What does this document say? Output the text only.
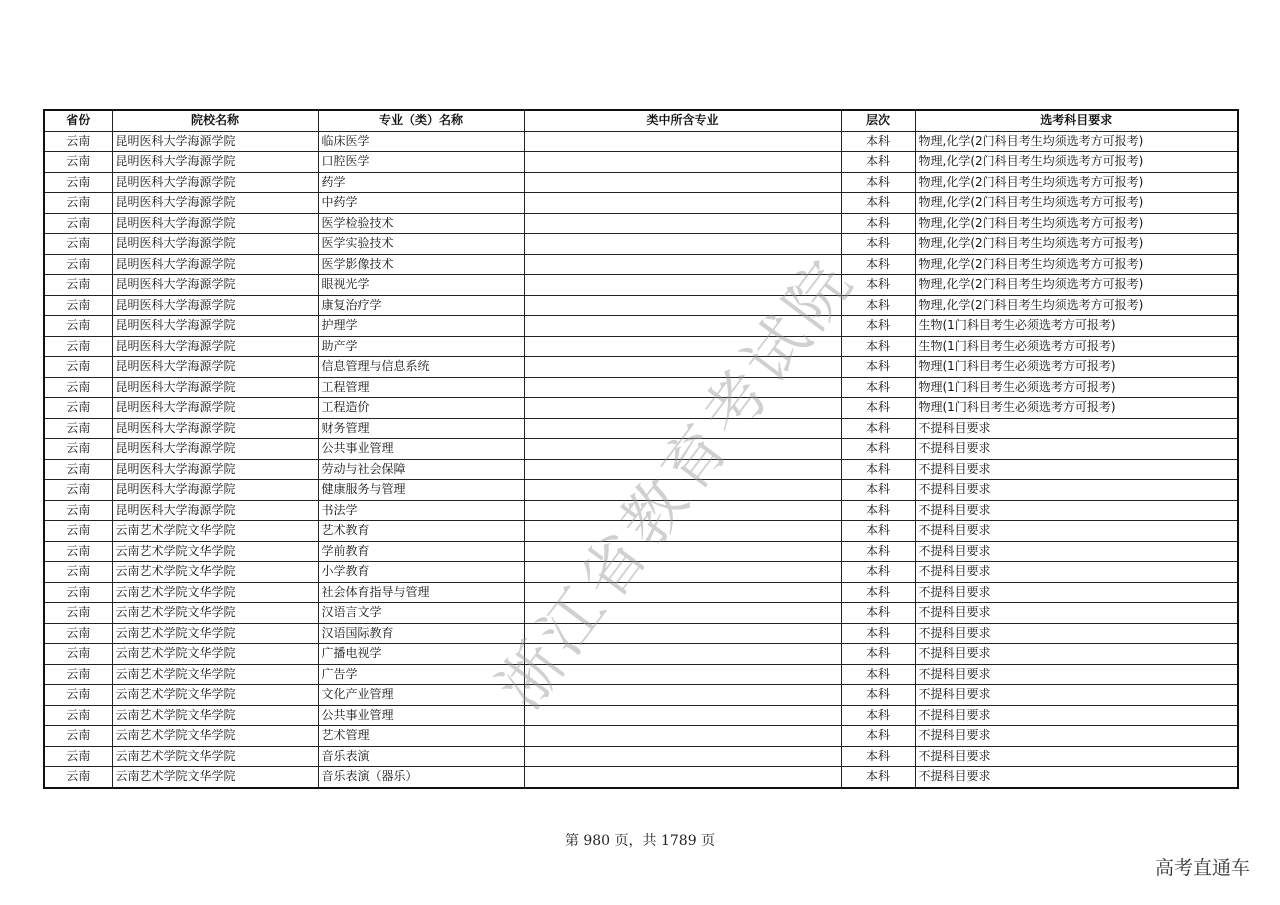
省份	院校名称	专业（类）名称	类中所含专业	层次	选考科目要求
云南	昆明医科大学海源学院	临床医学		本科	物理,化学(2门科目考生均须选考方可报考)
云南	昆明医科大学海源学院	口腔医学		本科	物理,化学(2门科目考生均须选考方可报考)
云南	昆明医科大学海源学院	药学		本科	物理,化学(2门科目考生均须选考方可报考)
云南	昆明医科大学海源学院	中药学		本科	物理,化学(2门科目考生均须选考方可报考)
云南	昆明医科大学海源学院	医学检验技术		本科	物理,化学(2门科目考生均须选考方可报考)
云南	昆明医科大学海源学院	医学实验技术		本科	物理,化学(2门科目考生均须选考方可报考)
云南	昆明医科大学海源学院	医学影像技术		本科	物理,化学(2门科目考生均须选考方可报考)
云南	昆明医科大学海源学院	眼视光学		本科	物理,化学(2门科目考生均须选考方可报考)
云南	昆明医科大学海源学院	康复治疗学		本科	物理,化学(2门科目考生均须选考方可报考)
云南	昆明医科大学海源学院	护理学		本科	生物(1门科目考生必须选考方可报考)
云南	昆明医科大学海源学院	助产学		本科	生物(1门科目考生必须选考方可报考)
云南	昆明医科大学海源学院	信息管理与信息系统		本科	物理(1门科目考生必须选考方可报考)
云南	昆明医科大学海源学院	工程管理		本科	物理(1门科目考生必须选考方可报考)
云南	昆明医科大学海源学院	工程造价		本科	物理(1门科目考生必须选考方可报考)
云南	昆明医科大学海源学院	财务管理		本科	不提科目要求
云南	昆明医科大学海源学院	公共事业管理		本科	不提科目要求
云南	昆明医科大学海源学院	劳动与社会保障		本科	不提科目要求
云南	昆明医科大学海源学院	健康服务与管理		本科	不提科目要求
云南	昆明医科大学海源学院	书法学		本科	不提科目要求
云南	云南艺术学院文华学院	艺术教育		本科	不提科目要求
云南	云南艺术学院文华学院	学前教育		本科	不提科目要求
云南	云南艺术学院文华学院	小学教育		本科	不提科目要求
云南	云南艺术学院文华学院	社会体育指导与管理		本科	不提科目要求
云南	云南艺术学院文华学院	汉语言文学		本科	不提科目要求
云南	云南艺术学院文华学院	汉语国际教育		本科	不提科目要求
云南	云南艺术学院文华学院	广播电视学		本科	不提科目要求
云南	云南艺术学院文华学院	广告学		本科	不提科目要求
云南	云南艺术学院文华学院	文化产业管理		本科	不提科目要求
云南	云南艺术学院文华学院	公共事业管理		本科	不提科目要求
云南	云南艺术学院文华学院	艺术管理		本科	不提科目要求
云南	云南艺术学院文华学院	音乐表演		本科	不提科目要求
云南	云南艺术学院文华学院	音乐表演（器乐）		本科	不提科目要求
浙江省教育考试院
第 980 页，共 1789 页
高考直通车
